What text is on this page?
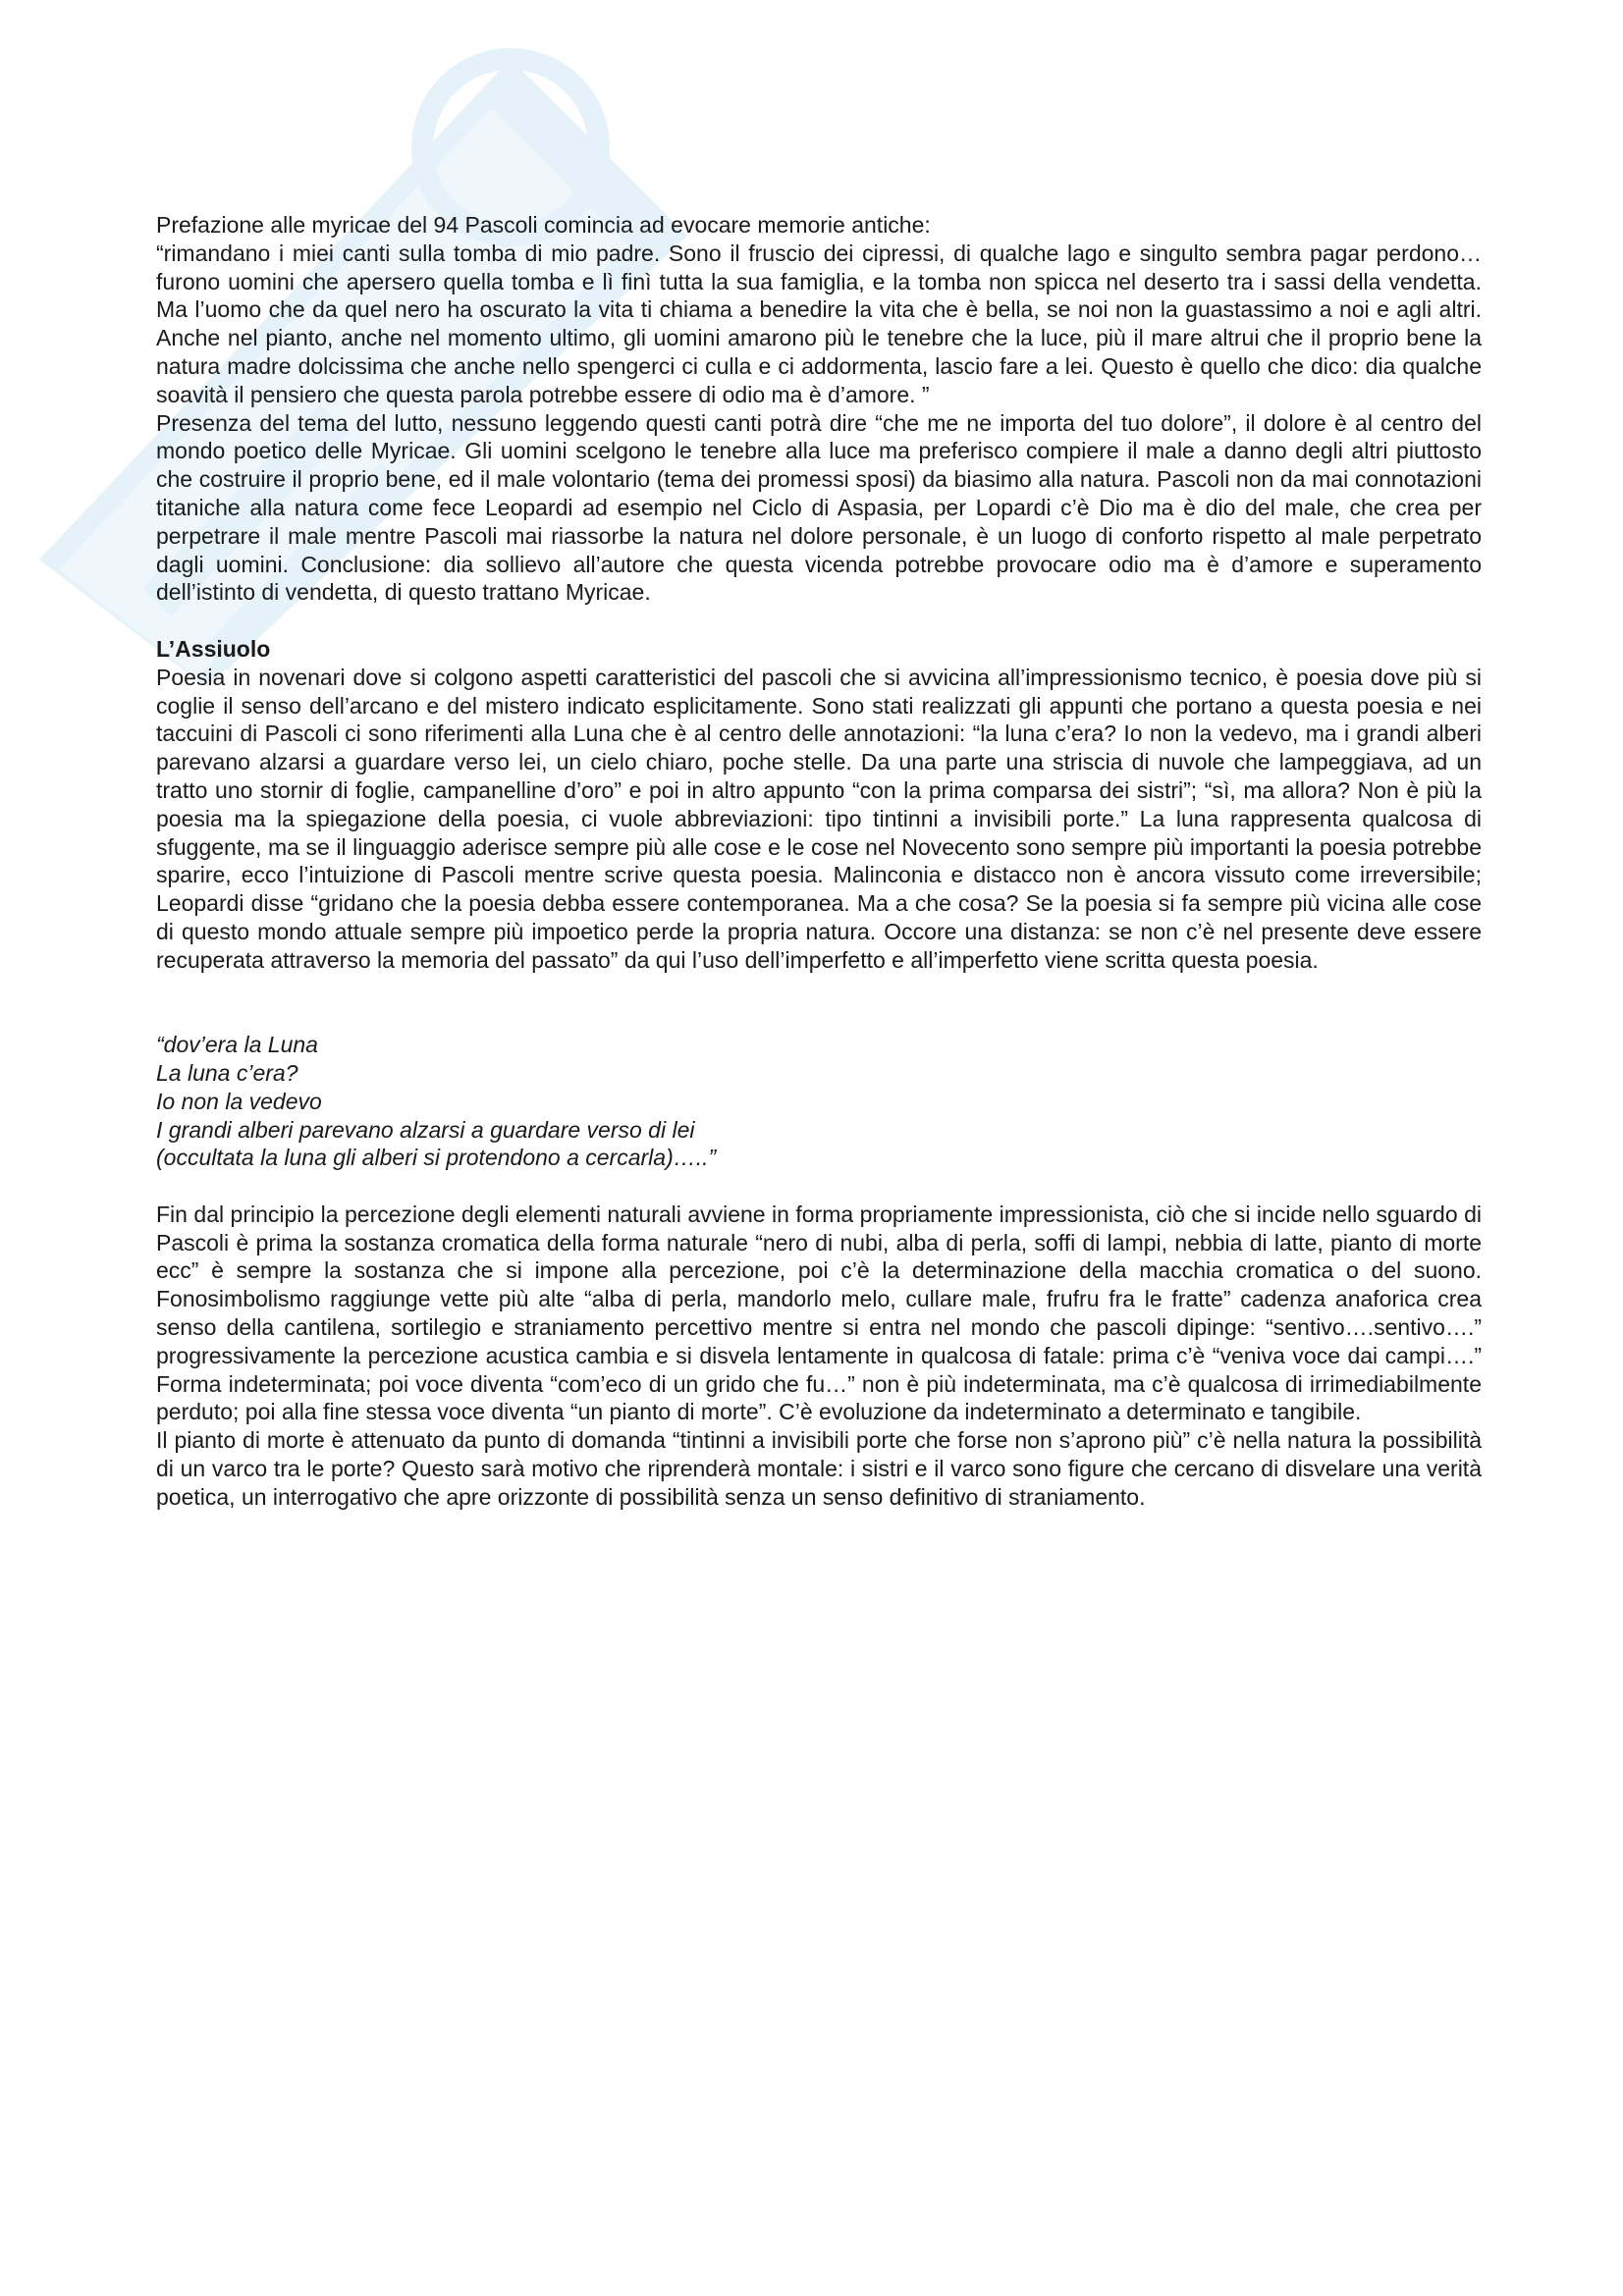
Prefazione alle myricae del 94 Pascoli comincia ad evocare memorie antiche:

“rimandano i miei canti sulla tomba di mio padre. Sono il fruscio dei cipressi, di qualche lago e singulto sembra pagar perdono…furono uomini che apersero quella tomba e lì finì tutta la sua famiglia, e la tomba non spicca nel deserto tra i sassi della vendetta. Ma l’uomo che da quel nero ha oscurato la vita ti chiama a benedire la vita che è bella, se noi non la guastassimo a noi e agli altri. Anche nel pianto, anche nel momento ultimo, gli uomini amarono più le tenebre che la luce, più il mare altrui che il proprio bene la natura madre dolcissima che anche nello spengerci ci culla e ci addormenta, lascio fare a lei. Questo è quello che dico: dia qualche soavità il pensiero che questa parola potrebbe essere di odio ma è d’amore. ”

Presenza del tema del lutto, nessuno leggendo questi canti potrà dire “che me ne importa del tuo dolore”, il dolore è al centro del mondo poetico delle Myricae. Gli uomini scelgono le tenebre alla luce ma preferisco compiere il male a danno degli altri piuttosto che costruire il proprio bene, ed il male volontario (tema dei promessi sposi) da biasimo alla natura. Pascoli non da mai connotazioni titaniche alla natura come fece Leopardi ad esempio nel Ciclo di Aspasia, per Lopardi c’è Dio ma è dio del male, che crea per perpetrare il male mentre Pascoli mai riassorbe la natura nel dolore personale, è un luogo di conforto rispetto al male perpetrato dagli uomini. Conclusione: dia sollievo all’autore che questa vicenda potrebbe provocare odio ma è d’amore e superamento dell’istinto di vendetta, di questo trattano Myricae.

L’Assiuolo

Poesia in novenari dove si colgono aspetti caratteristici del pascoli che si avvicina all’impressionismo tecnico, è poesia dove più si coglie il senso dell’arcano e del mistero indicato esplicitamente. Sono stati realizzati gli appunti che portano a questa poesia e nei taccuini di Pascoli ci sono riferimenti alla Luna che è al centro delle annotazioni: “la luna c’era? Io non la vedevo, ma i grandi alberi parevano alzarsi a guardare verso lei, un cielo chiaro, poche stelle. Da una parte una striscia di nuvole che lampeggiava, ad un tratto uno stornir di foglie, campanelline d’oro” e poi in altro appunto “con la prima comparsa dei sistri”; “sì, ma allora? Non è più la poesia ma la spiegazione della poesia, ci vuole abbreviazioni: tipo tintinni a invisibili porte.” La luna rappresenta qualcosa di sfuggente, ma se il linguaggio aderisce sempre più alle cose e le cose nel Novecento sono sempre più importanti la poesia potrebbe sparire, ecco l’intuizione di Pascoli mentre scrive questa poesia. Malinconia e distacco non è ancora vissuto come irreversibile; Leopardi disse “gridano che la poesia debba essere contemporanea. Ma a che cosa? Se la poesia si fa sempre più vicina alle cose di questo mondo attuale sempre più impoetico perde la propria natura. Occore una distanza: se non c’è nel presente deve essere recuperata attraverso la memoria del passato” da qui l’uso dell’imperfetto e all’imperfetto viene scritta questa poesia.

“dov’era la Luna

La luna c’era?

Io non la vedevo

I grandi alberi parevano alzarsi a guardare verso di lei

(occultata la luna gli alberi si protendono a cercarla)…..”

Fin dal principio la percezione degli elementi naturali avviene in forma propriamente impressionista, ciò che si incide nello sguardo di Pascoli è prima la sostanza cromatica della forma naturale “nero di nubi, alba di perla, soffi di lampi, nebbia di latte, pianto di morte ecc” è sempre la sostanza che si impone alla percezione, poi c’è la determinazione della macchia cromatica o del suono. Fonosimbolismo raggiunge vette più alte “alba di perla, mandorlo melo, cullare male, frufru fra le fratte” cadenza anaforica crea senso della cantilena, sortilegio e straniamento percettivo mentre si entra nel mondo che pascoli dipinge: “sentivo….sentivo….” progressivamente la percezione acustica cambia e si disvela lentamente in qualcosa di fatale: prima c’è “veniva voce dai campi….” Forma indeterminata; poi voce diventa “com’eco di un grido che fu…” non è più indeterminata, ma c’è qualcosa di irrimediabilmente perduto; poi alla fine stessa voce diventa “un pianto di morte”. C’è evoluzione da indeterminato a determinato e tangibile.

Il pianto di morte è attenuato da punto di domanda “tintinni a invisibili porte che forse non s’aprono più” c’è nella natura la possibilità di un varco tra le porte? Questo sarà motivo che riprenderà montale: i sistri e il varco sono figure che cercano di disvelare una verità poetica, un interrogativo che apre orizzonte di possibilità senza un senso definitivo di straniamento.
